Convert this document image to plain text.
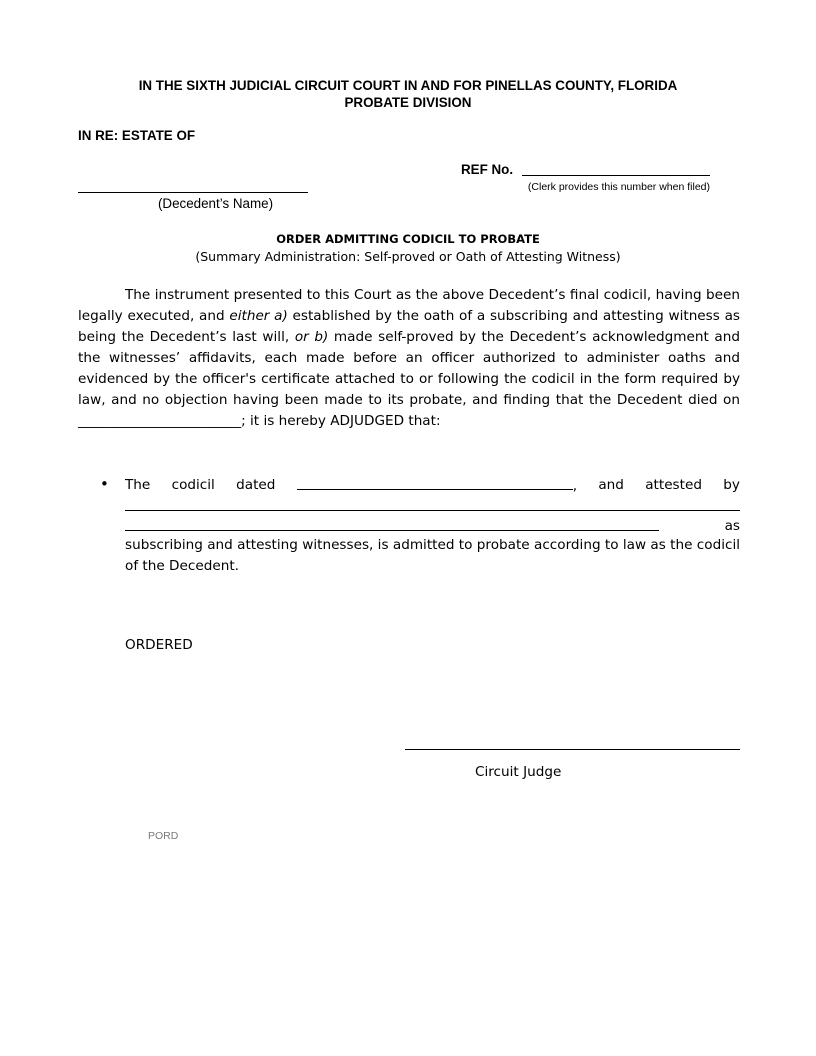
IN THE SIXTH JUDICIAL CIRCUIT COURT IN AND FOR PINELLAS COUNTY, FLORIDA
PROBATE DIVISION
IN RE: ESTATE OF
REF No.
(Clerk provides this number when filed)
(Decedent’s Name)
ORDER ADMITTING CODICIL TO PROBATE
(Summary Administration: Self-proved or Oath of Attesting Witness)

The instrument presented to this Court as the above Decedent’s final codicil, having been legally executed, and either a) established by the oath of a subscribing and attesting witness as being the Decedent’s last will, or b) made self-proved by the Decedent’s acknowledgment and the witnesses’ affidavits, each made before an officer authorized to administer oaths and evidenced by the officer's certificate attached to or following the codicil in the form required by law, and no objection having been made to its probate, and finding that the Decedent died on ________________________; it is hereby ADJUDGED that:

• The codicil dated	, and attested by
as
subscribing and attesting witnesses, is admitted to probate according to law as the codicil of the Decedent.
ORDERED
Circuit Judge
PORD
